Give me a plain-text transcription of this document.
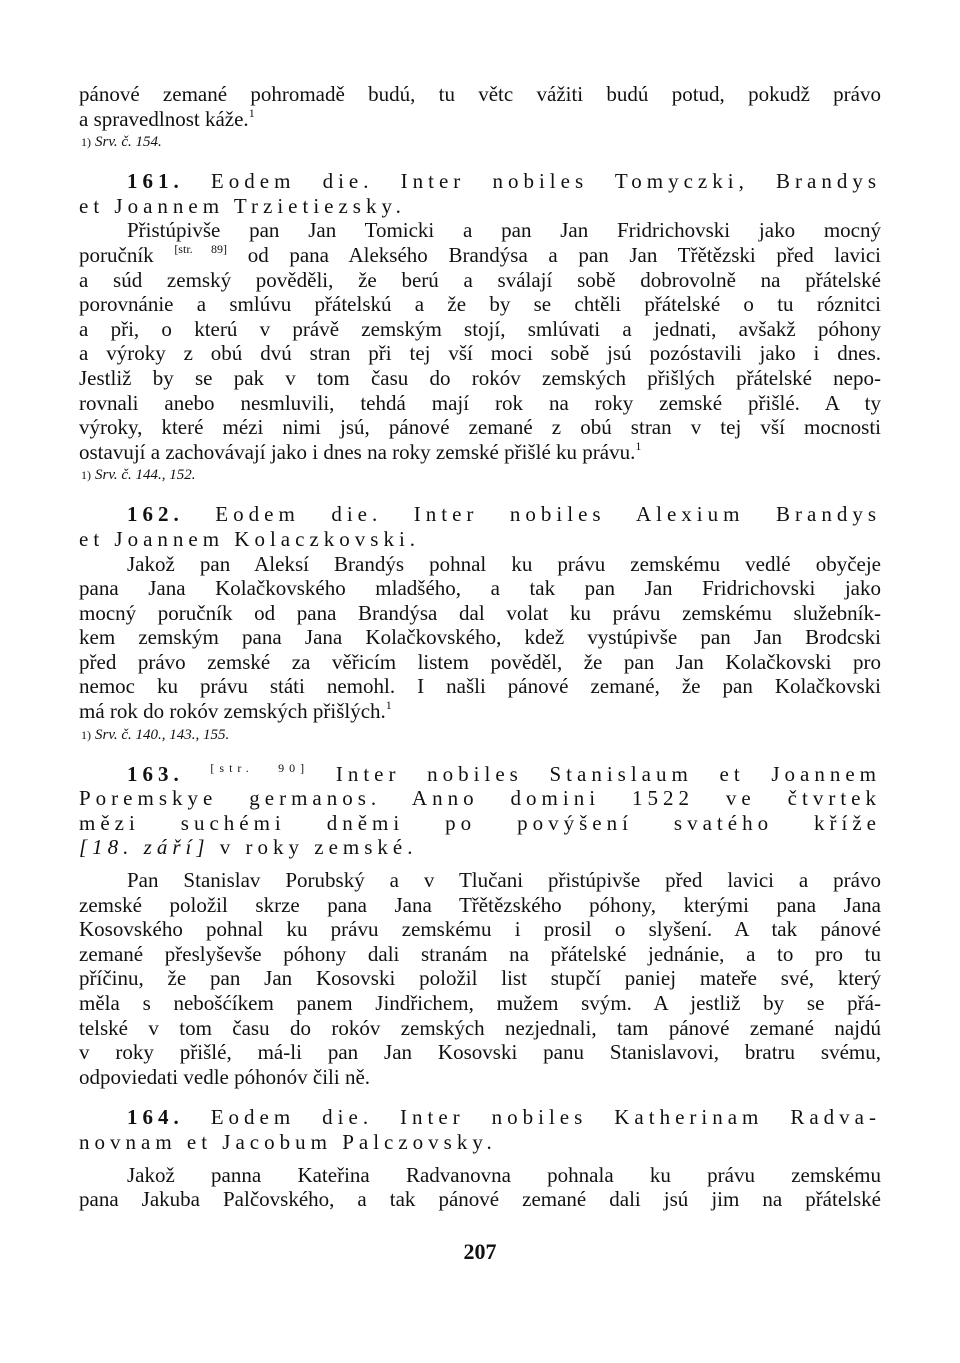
pánové zemané pohromadě budú, tu větc vážiti budú potud, pokudž právo
a spravedlnost káže.$^1$
$^{1)}$ Srv. č. 154.
161. Eodem die. Inter nobiles Tomyczki, Brandys
et Joannem Trzietiezsky.
Přistúpivše pan Jan Tomicki a pan Jan Fridrichovski jako mocný
poručník [str. 89] od pana Aleksého Brandýsa a pan Jan Třětězski před lavici
a súd zemský pověděli, že berú a sválají sobě dobrovolně na přátelské
porovnánie a smlúvu přátelskú a že by se chtěli přátelské o tu róznitci
a při, o kterú v právě zemským stojí, smlúvati a jednati, avšakž póhony
a výroky z obú dvú stran při tej vší moci sobě jsú pozóstavili jako i dnes.
Jestliž by se pak v tom času do rokóv zemských přišlých přátelské nepo-
rovnali anebo nesmluvili, tehdá mají rok na roky zemské přišlé. A ty
výroky, které mézi nimi jsú, pánové zemané z obú stran v tej vší mocnosti
ostavují a zachovávají jako i dnes na roky zemské přišlé ku právu.$^1$
$^{1)}$ Srv. č. 144., 152.
162. Eodem die. Inter nobiles Alexium Brandys
et Joannem Kolaczkovski.
Jakož pan Aleksí Brandýs pohnal ku právu zemskému vedlé obyčeje
pana Jana Kolačkovského mladšého, a tak pan Jan Fridrichovski jako
mocný poručník od pana Brandýsa dal volat ku právu zemskému služebník-
kem zemským pana Jana Kolačkovského, kdež vystúpivše pan Jan Brodcski
před právo zemské za věřicím listem pověděl, že pan Jan Kolačkovski pro
nemoc ku právu státi nemohl. I našli pánové zemané, že pan Kolačkovski
má rok do rokóv zemských přišlých.$^1$
$^{1)}$ Srv. č. 140., 143., 155.
163. [str. 90] Inter nobiles Stanislaum et Joannem
Poremskye germanos. Anno domini 1522 ve čtvrtek
mězi suchémi dněmi po povýšení svatého kříže
[18. září] v roky zemské.
Pan Stanislav Porubský a v Tlučani přistúpivše před lavici a právo
zemské položil skrze pana Jana Třětězského póhony, kterými pana Jana
Kosovského pohnal ku právu zemskému i prosil o slyšení. A tak pánové
zemané přeslyševše póhony dali stranám na přátelské jednánie, a to pro tu
příčinu, že pan Jan Kosovski položil list stupčí paniej mateře své, který
měla s nebošćíkem panem Jindřichem, mužem svým. A jestliž by se přá-
telské v tom času do rokóv zemských nezjednali, tam pánové zemané najdú
v roky přišlé, má-li pan Jan Kosovski panu Stanislavovi, bratru svému,
odpoviedati vedle póhonóv čili ně.
164. Eodem die. Inter nobiles Katherinam Radva-
novnam et Jacobum Palczovsky.
Jakož panna Kateřina Radvanovna pohnala ku právu zemskému
pana Jakuba Palčovského, a tak pánové zemané dali jsú jim na přátelské
207
